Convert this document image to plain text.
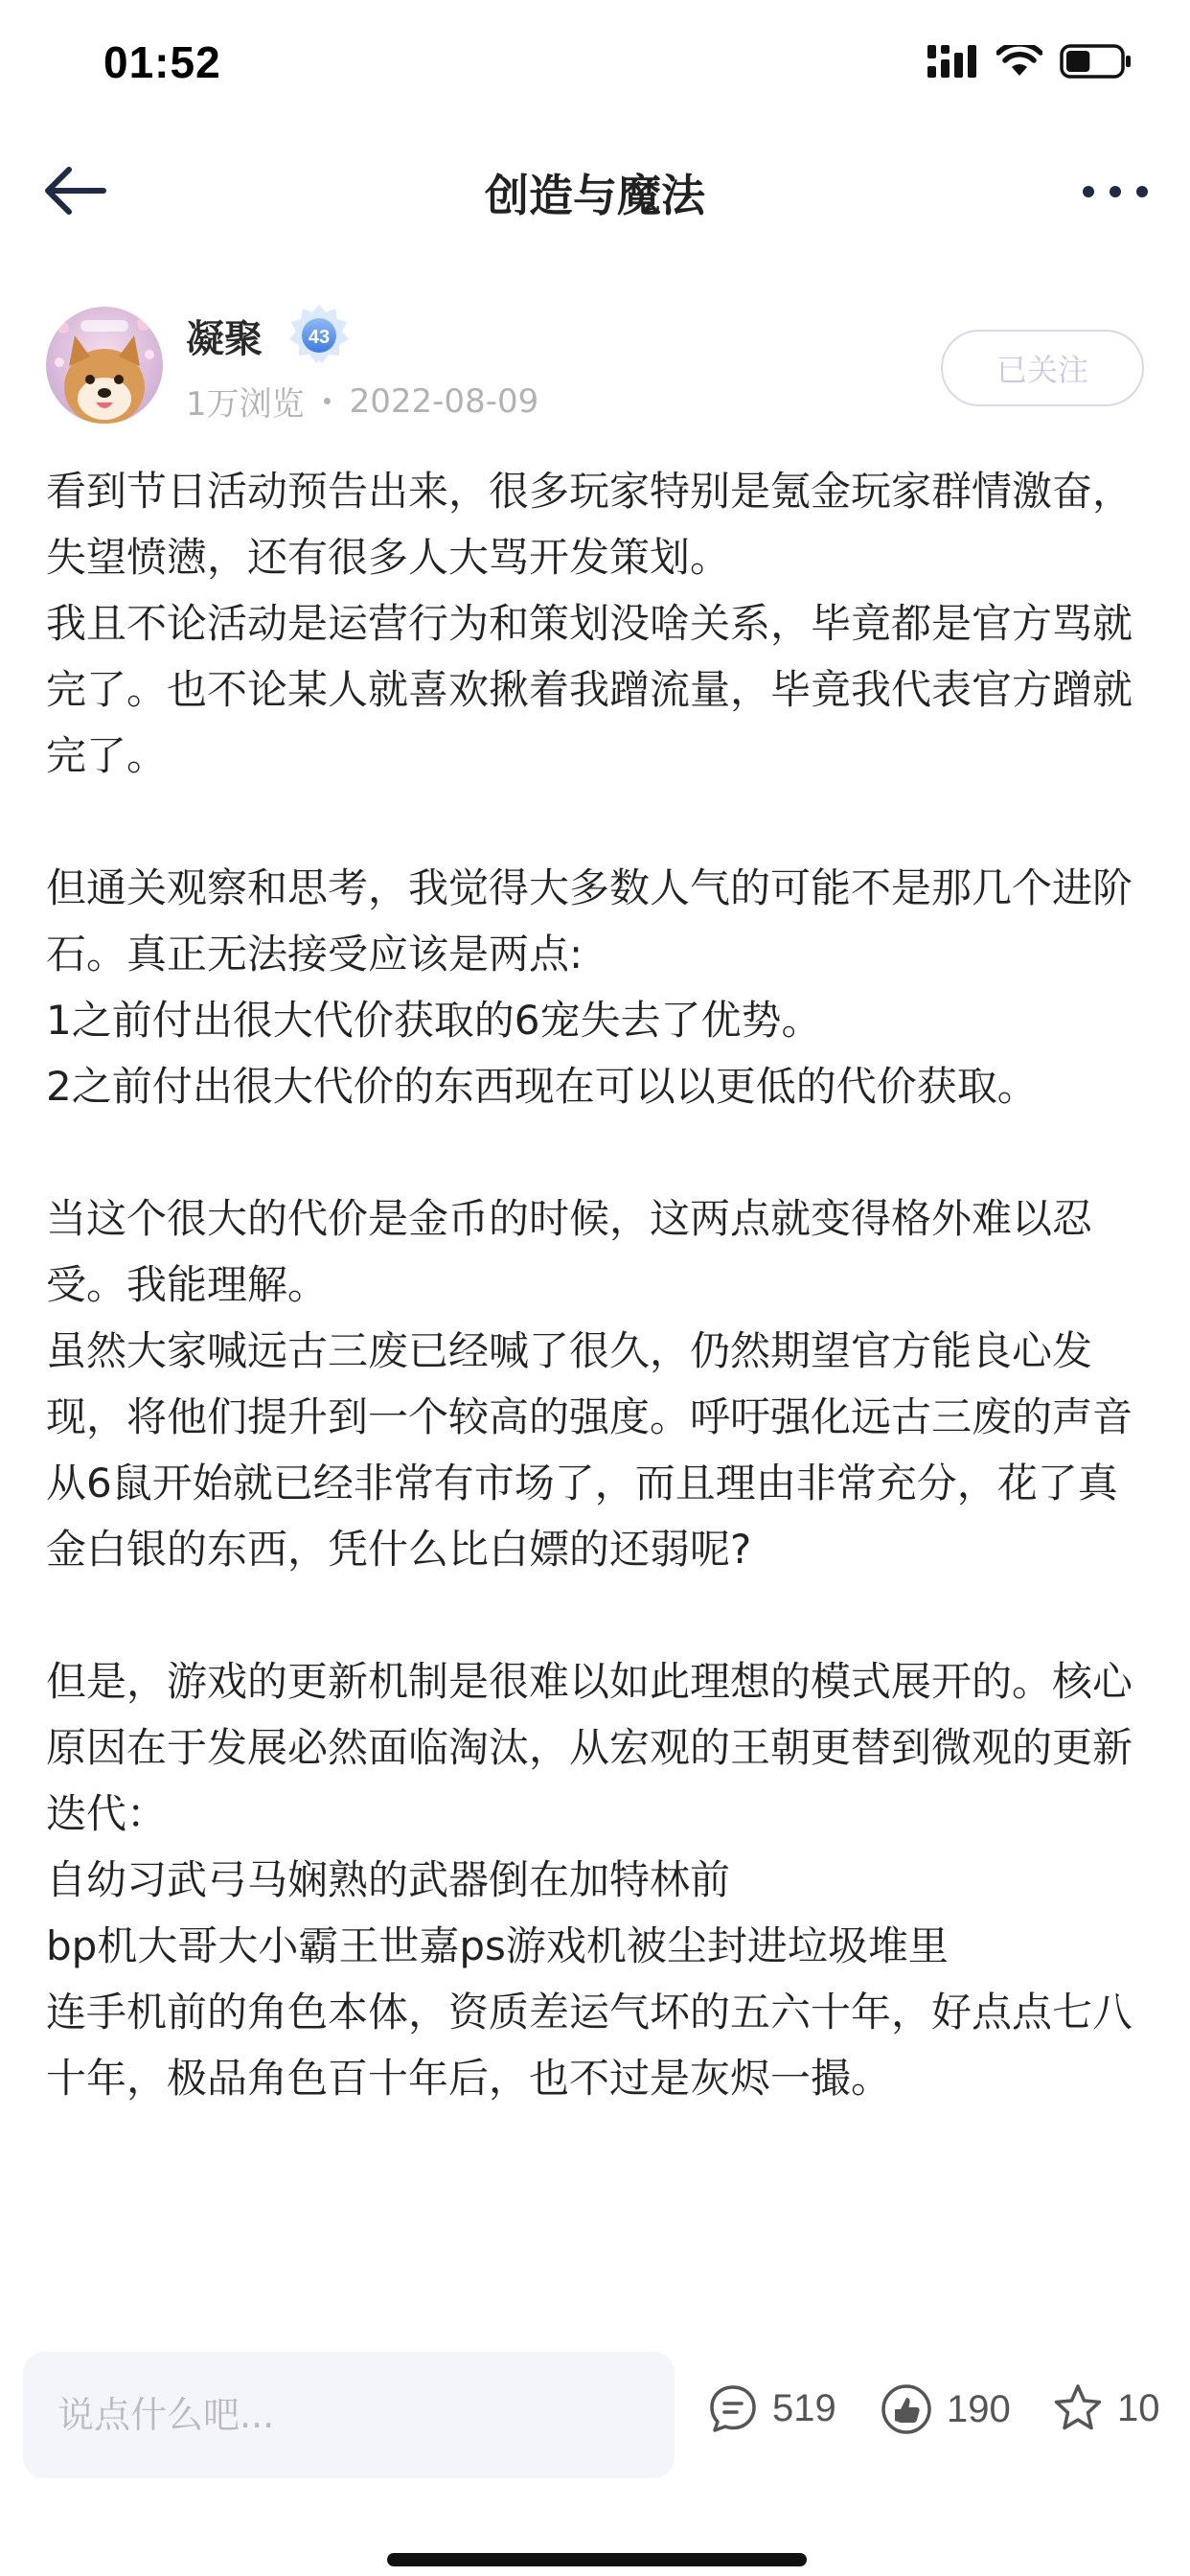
01:52
创造与魔法
凝聚 43
1万浏览 2022-08-09
已关注

看到节日活动预告出来，很多玩家特别是氪金玩家群情激奋，失望愤懑，还有很多人大骂开发策划。

我且不论活动是运营行为和策划没啥关系，毕竟都是官方骂就完了。也不论某人就喜欢揪着我蹭流量，毕竟我代表官方蹭就完了。

但通关观察和思考，我觉得大多数人气的可能不是那几个进阶石。真正无法接受应该是两点:

1之前付出很大代价获取的6宠失去了优势。

2之前付出很大代价的东西现在可以以更低的代价获取。

当这个很大的代价是金币的时候，这两点就变得格外难以忍受。我能理解。

虽然大家喊远古三废已经喊了很久，仍然期望官方能良心发现，将他们提升到一个较高的强度。呼吁强化远古三废的声音从6鼠开始就已经非常有市场了，而且理由非常充分，花了真金白银的东西，凭什么比白嫖的还弱呢?

但是，游戏的更新机制是很难以如此理想的模式展开的。核心原因在于发展必然面临淘汰，从宏观的王朝更替到微观的更新迭代：

自幼习武弓马娴熟的武器倒在加特林前

bp机大哥大小霸王世嘉ps游戏机被尘封进垃圾堆里

连手机前的角色本体，资质差运气坏的五六十年，好点点七八十年，极品角色百十年后，也不过是灰烬一撮。

说点什么吧...
519	190	10
